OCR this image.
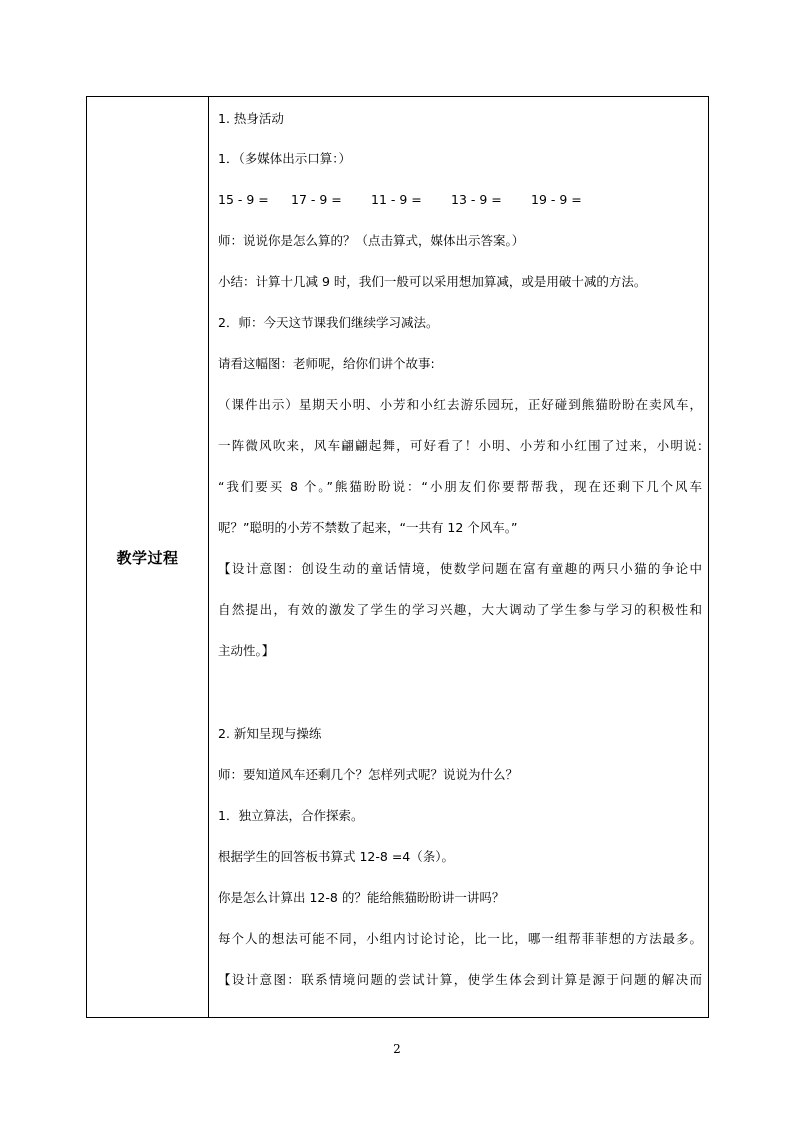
教学过程
1. 热身活动
1．（多媒体出示口算：）
15 - 9 =	17 - 9 =	11 - 9 =	13 - 9 =	19 - 9 =
师：说说你是怎么算的？（点击算式，媒体出示答案。）
小结：计算十几减 9 时，我们一般可以采用想加算减，或是用破十减的方法。
2．师：今天这节课我们继续学习减法。
请看这幅图：老师呢，给你们讲个故事:
（课件出示）星期天小明、小芳和小红去游乐园玩，正好碰到熊猫盼盼在卖风车，
一阵微风吹来，风车翩翩起舞，可好看了！小明、小芳和小红围了过来，小明说:
“我们要买 8 个。”熊猫盼盼说：“小朋友们你要帮帮我，现在还剩下几个风车
呢？”聪明的小芳不禁数了起来，“一共有 12 个风车。”
【设计意图：创设生动的童话情境，使数学问题在富有童趣的两只小猫的争论中
自然提出，有效的激发了学生的学习兴趣，大大调动了学生参与学习的积极性和
主动性。】
2. 新知呈现与操练
师：要知道风车还剩几个？怎样列式呢？说说为什么？
1．独立算法，合作探索。
根据学生的回答板书算式 12-8 =4（条）。
你是怎么计算出 12-8 的？能给熊猫盼盼讲一讲吗？
每个人的想法可能不同，小组内讨论讨论，比一比，哪一组帮菲菲想的方法最多。
【设计意图：联系情境问题的尝试计算，使学生体会到计算是源于问题的解决而
2
